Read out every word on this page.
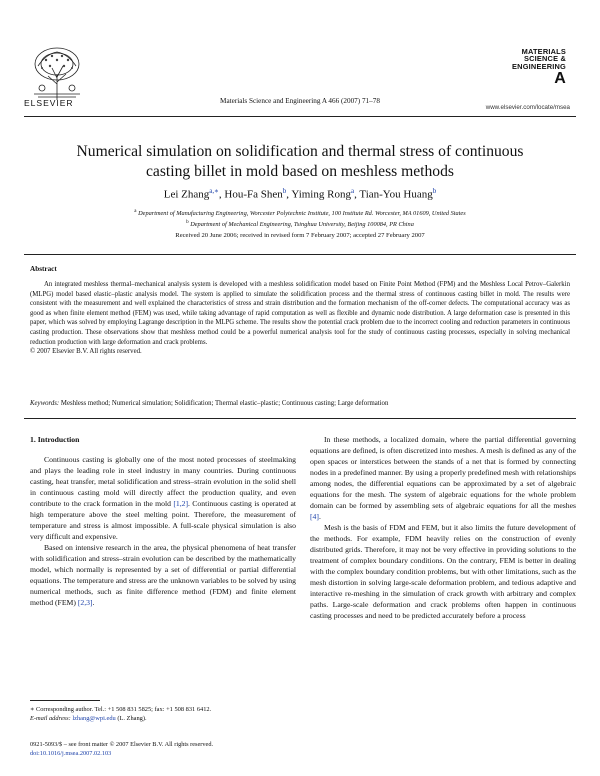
ELSEVIER	Materials Science and Engineering A 466 (2007) 71–78
MATERIALS
SCIENCE &
ENGINEERING
A
www.elsevier.com/locate/msea
Numerical simulation on solidification and thermal stress of continuous casting billet in mold based on meshless methods
Lei Zhang$^{a,∗}$, Hou-Fa Shen$^b$, Yiming Rong$^a$, Tian-You Huang$^b$
$^a$ Department of Manufacturing Engineering, Worcester Polytechnic Institute, 100 Institute Rd. Worcester, MA 01609, United States
$^b$ Department of Mechanical Engineering, Tsinghua University, Beijing 100084, PR China
Received 20 June 2006; received in revised form 7 February 2007; accepted 27 February 2007
Abstract
An integrated meshless thermal–mechanical analysis system is developed with a meshless solidification model based on Finite Point Method (FPM) and the Meshless Local Petrov–Galerkin (MLPG) model based elastic–plastic analysis model. The system is applied to simulate the solidification process and the thermal stress of continuous casting billet in mold. The results were consistent with the measurement and well explained the characteristics of stress and strain distribution and the formation mechanism of the off-corner defects. The computational accuracy was as good as when finite element method (FEM) was used, while taking advantage of rapid computation as well as flexible and dynamic node distribution. A large deformation case is presented in this paper, which was solved by employing Lagrange description in the MLPG scheme. The results show the potential crack problem due to the incorrect cooling and reduction parameters in continuous casting production. These observations show that meshless method could be a powerful numerical analysis tool for the study of continuous casting processes, especially in solving mechanical reduction production with large deformation and crack problems.
© 2007 Elsevier B.V. All rights reserved.
Keywords: Meshless method; Numerical simulation; Solidification; Thermal elastic–plastic; Continuous casting; Large deformation
1. Introduction

Continuous casting is globally one of the most noted processes of steelmaking and plays the leading role in steel industry in many countries. During continuous casting, heat transfer, metal solidification and stress–strain evolution in the solid shell in continuous casting mold will directly affect the production quality, and even contribute to the crack formation in the mold [1,2]. Continuous casting is operated at high temperature above the steel melting point. Therefore, the measurement of temperature and stress is almost impossible. A full-scale physical simulation is also very difficult and expensive.

Based on intensive research in the area, the physical phenomena of heat transfer with solidification and stress–strain evolution can be described by the mathematically model, which normally is represented by a set of differential or partial differential equations. The temperature and stress are the unknown variables to be solved by using numerical methods, such as finite difference method (FDM) and finite element method (FEM) [2,3].

In these methods, a localized domain, where the partial differential governing equations are defined, is often discretized into meshes. A mesh is defined as any of the open spaces or interstices between the stands of a net that is formed by connecting nodes in a predefined manner. By using a properly predefined mesh with relationships among nodes, the differential equations can be approximated by a set of algebraic equations for the mesh. The system of algebraic equations for the whole problem domain can be formed by assembling sets of algebraic equations for all the meshes [4].

Mesh is the basis of FDM and FEM, but it also limits the future development of the methods. For example, FDM heavily relies on the construction of evenly distributed grids. Therefore, it may not be very effective in providing solutions to the treatment of complex boundary conditions. On the contrary, FEM is better in dealing with the complex boundary condition problems, but with other limitations, such as the mesh distortion in solving large-scale deformation problem, and tedious adaptive and interactive re-meshing in the simulation of crack growth with arbitrary and complex paths. Large-scale deformation and crack problems often happen in continuous casting processes and need to be predicted accurately before a process

∗ Corresponding author. Tel.: +1 508 831 5825; fax: +1 508 831 6412.
E-mail address: lzhang@wpi.edu (L. Zhang).
0921-5093/$ – see front matter © 2007 Elsevier B.V. All rights reserved.
doi:10.1016/j.msea.2007.02.103
